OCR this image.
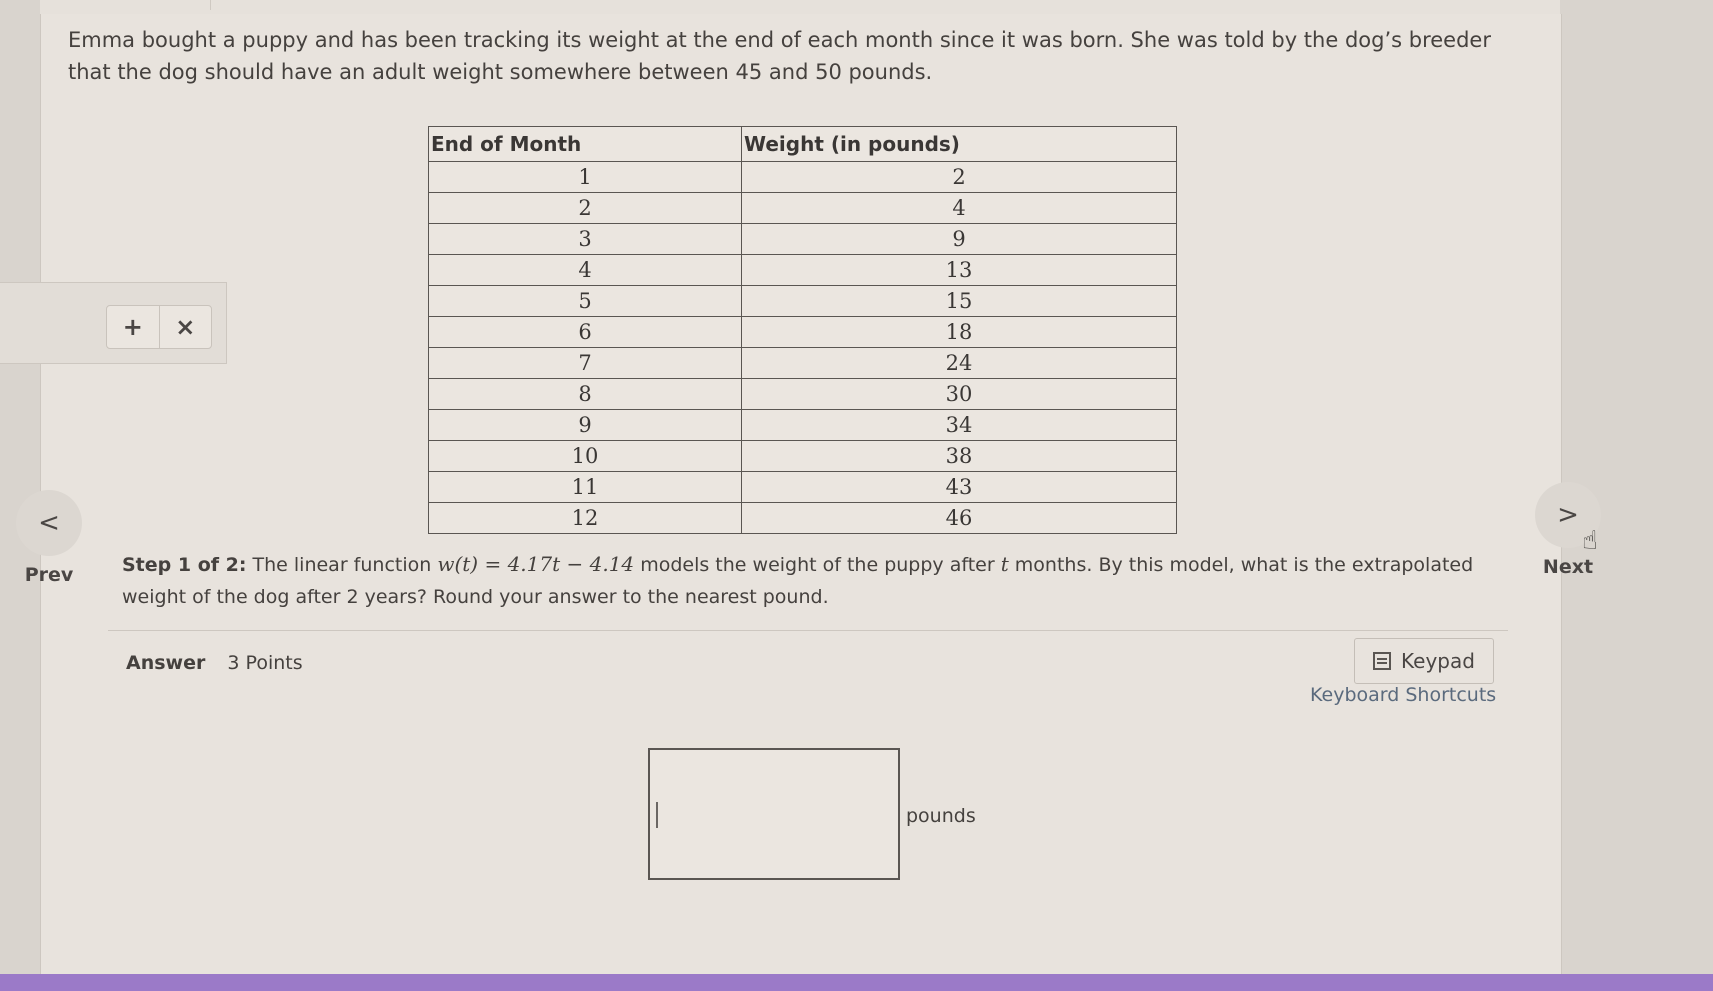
Emma bought a puppy and has been tracking its weight at the end of each month since it was born. She was told by the dog’s breeder that the dog should have an adult weight somewhere between 45 and 50 pounds.
End of Month	Weight (in pounds)
1	2
2	4
3	9
4	13
5	15
6	18
7	24
8	30
9	34
10	38
11	43
12	46
+	×
<
Prev
>
Next
☝
Step 1 of 2: The linear function w(t) = 4.17t − 4.14 models the weight of the puppy after t months. By this model, what is the extrapolated weight of the dog after 2 years? Round your answer to the nearest pound.
Answer 3 Points	Keypad
Keyboard Shortcuts
pounds
